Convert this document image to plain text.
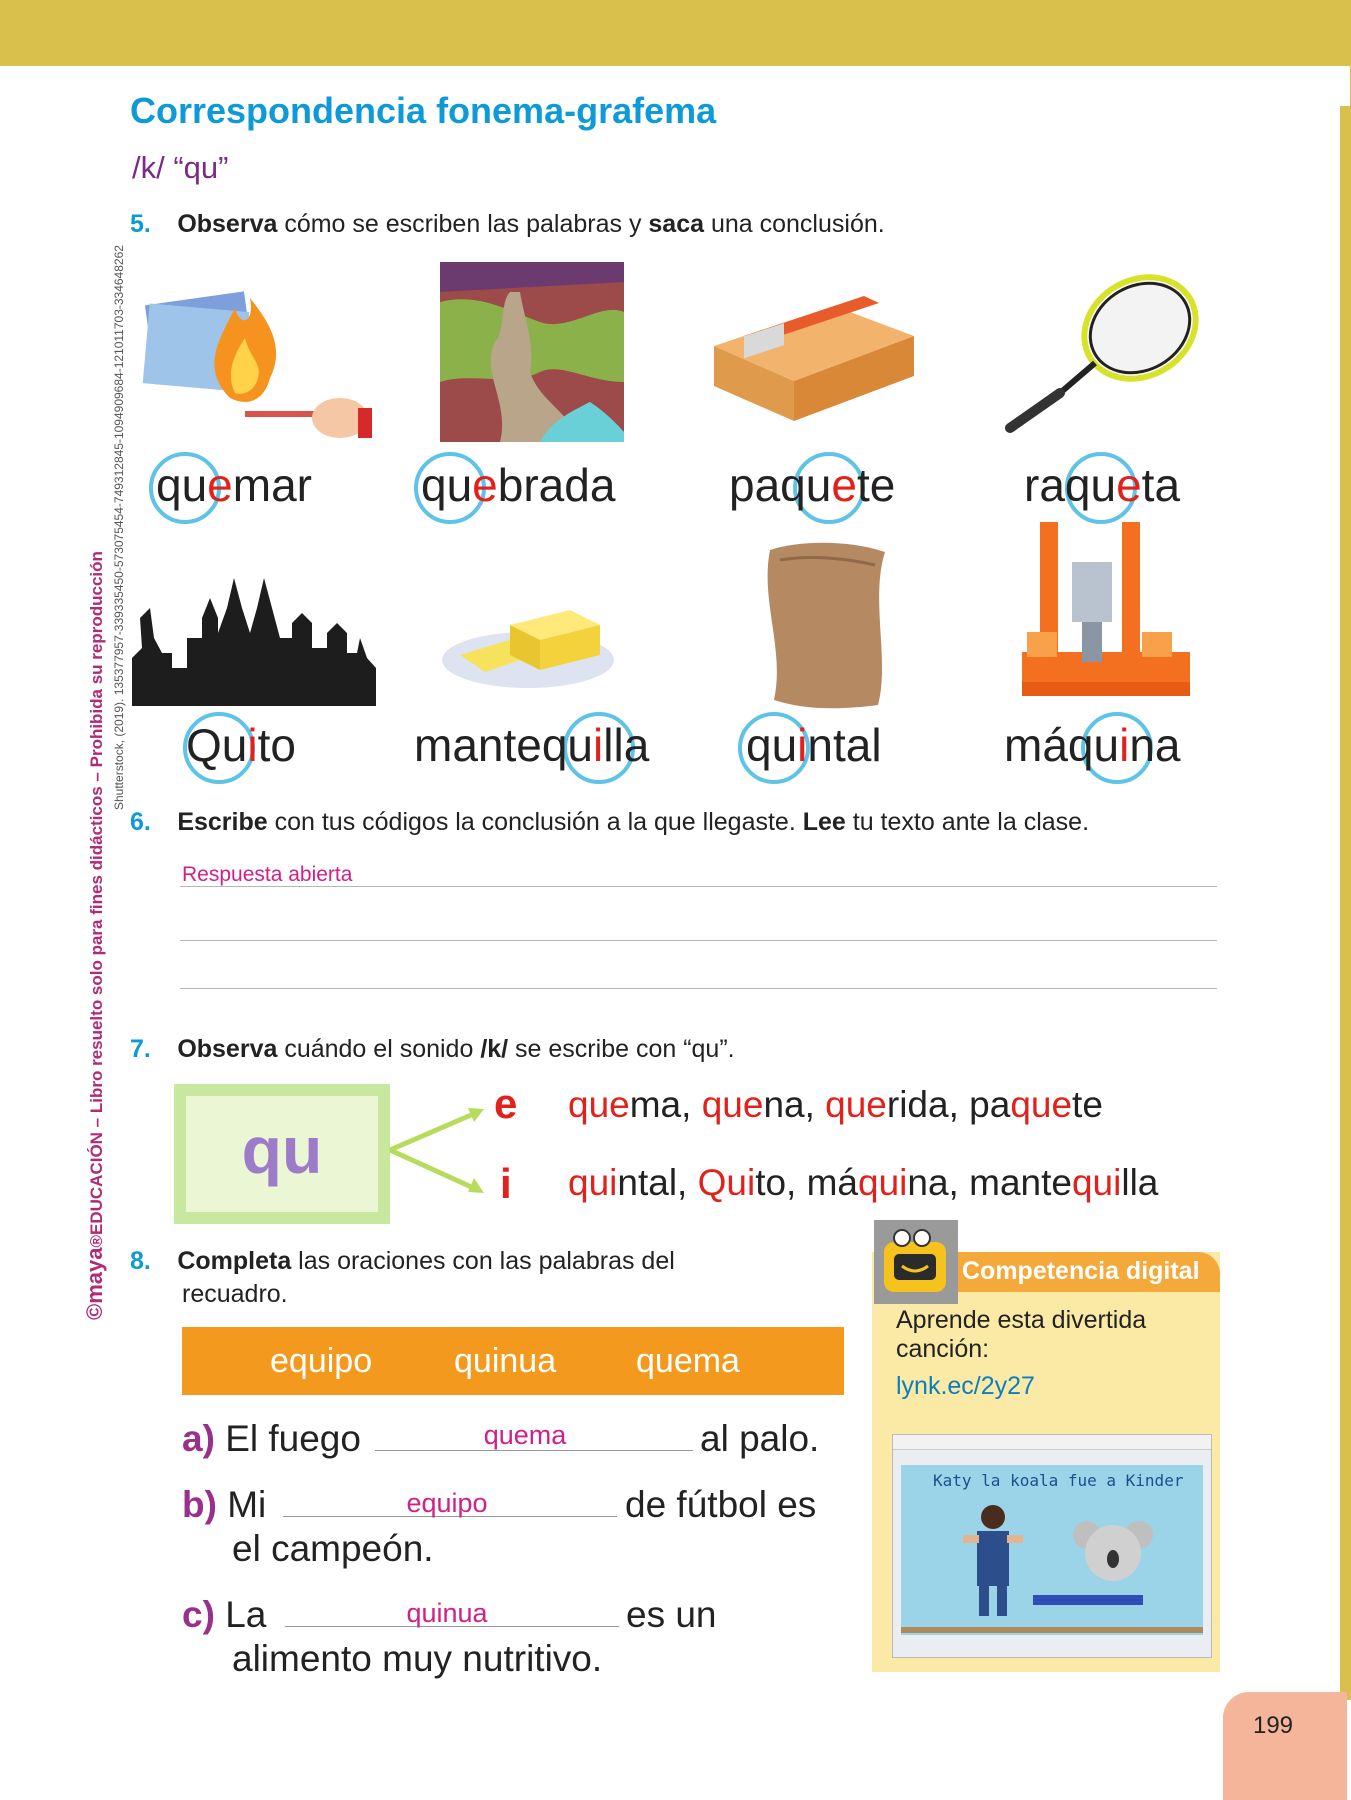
©maya®EDUCACIÓN – Libro resuelto solo para fines didácticos – Prohibida su reproducción
Shutterstock, (2019). 135377957-339335450-573075454-749312845-1094909684-121011703-334648262
Correspondencia fonema-grafema
/k/ “qu”
5. Observa cómo se escriben las palabras y saca una conclusión.
quemar quebrada paquete	raqueta
Quito	mantequilla quintal	máquina
6. Escribe con tus códigos la conclusión a la que llegaste. Lee tu texto ante la clase.
Respuesta abierta
7. Observa cuándo el sonido /k/ se escribe con “qu”.
qu
e
i
quema, quena, querida, paquete
quintal, Quito, máquina, mantequilla
8. Completa las oraciones con las palabras del
recuadro.
equipo quinua quema
a) El fuego	quema	al palo.
b) Mi	equipo	de fútbol es
el campeón.
c) La	quinua	es un
alimento muy nutritivo.
Competencia digital
Aprende esta divertida canción:
lynk.ec/2y27
Katy la koala fue a Kinder
199
